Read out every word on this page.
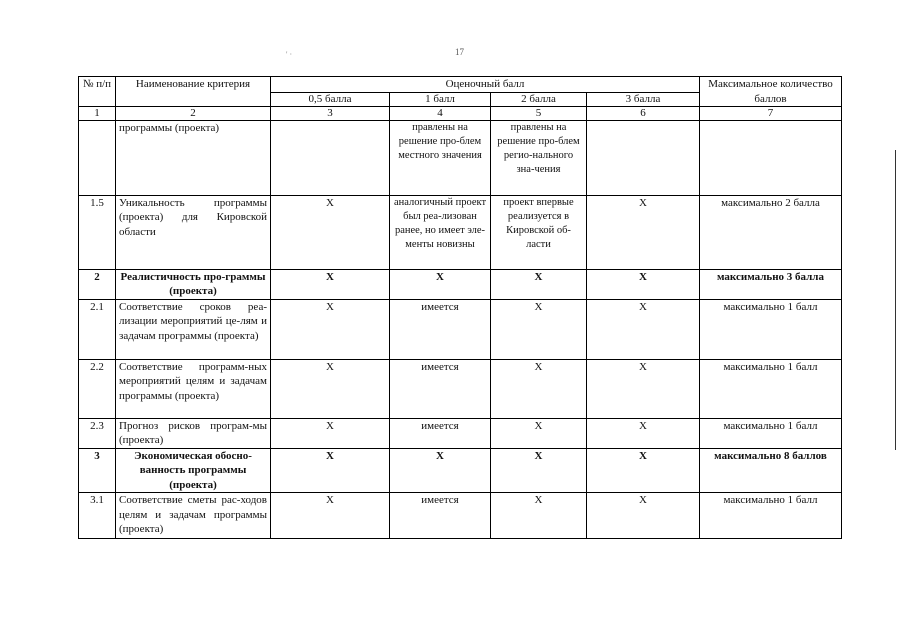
' ·	17
№ п/п	Наименование критерия	Оценочный балл				Максимальное количество баллов
		0,5 балла	1 балл	2 балла	3 балла	
1	2	3	4	5	6	7
	программы (проекта)		правлены на решение про-блем местного значения	правлены на решение про-блем регио-нального зна-чения		
1.5	Уникальность программы (проекта) для Кировской области	X	аналогичный проект был реа-лизован ранее, но имеет эле-менты новизны	проект впервые реализуется в Кировской об-ласти	X	максимально 2 балла
2	Реалистичность про-граммы (проекта)	X	X	X	X	максимально 3 балла
2.1	Соответствие сроков реа-лизации мероприятий це-лям и задачам программы (проекта)	X	имеется	X	X	максимально 1 балл
2.2	Соответствие программ-ных мероприятий целям и задачам программы (проекта)	X	имеется	X	X	максимально 1 балл
2.3	Прогноз рисков програм-мы (проекта)	X	имеется	X	X	максимально 1 балл
3	Экономическая обосно-ванность программы (проекта)	X	X	X	X	максимально 8 баллов
3.1	Соответствие сметы рас-ходов целям и задачам программы (проекта)	X	имеется	X	X	максимально 1 балл
